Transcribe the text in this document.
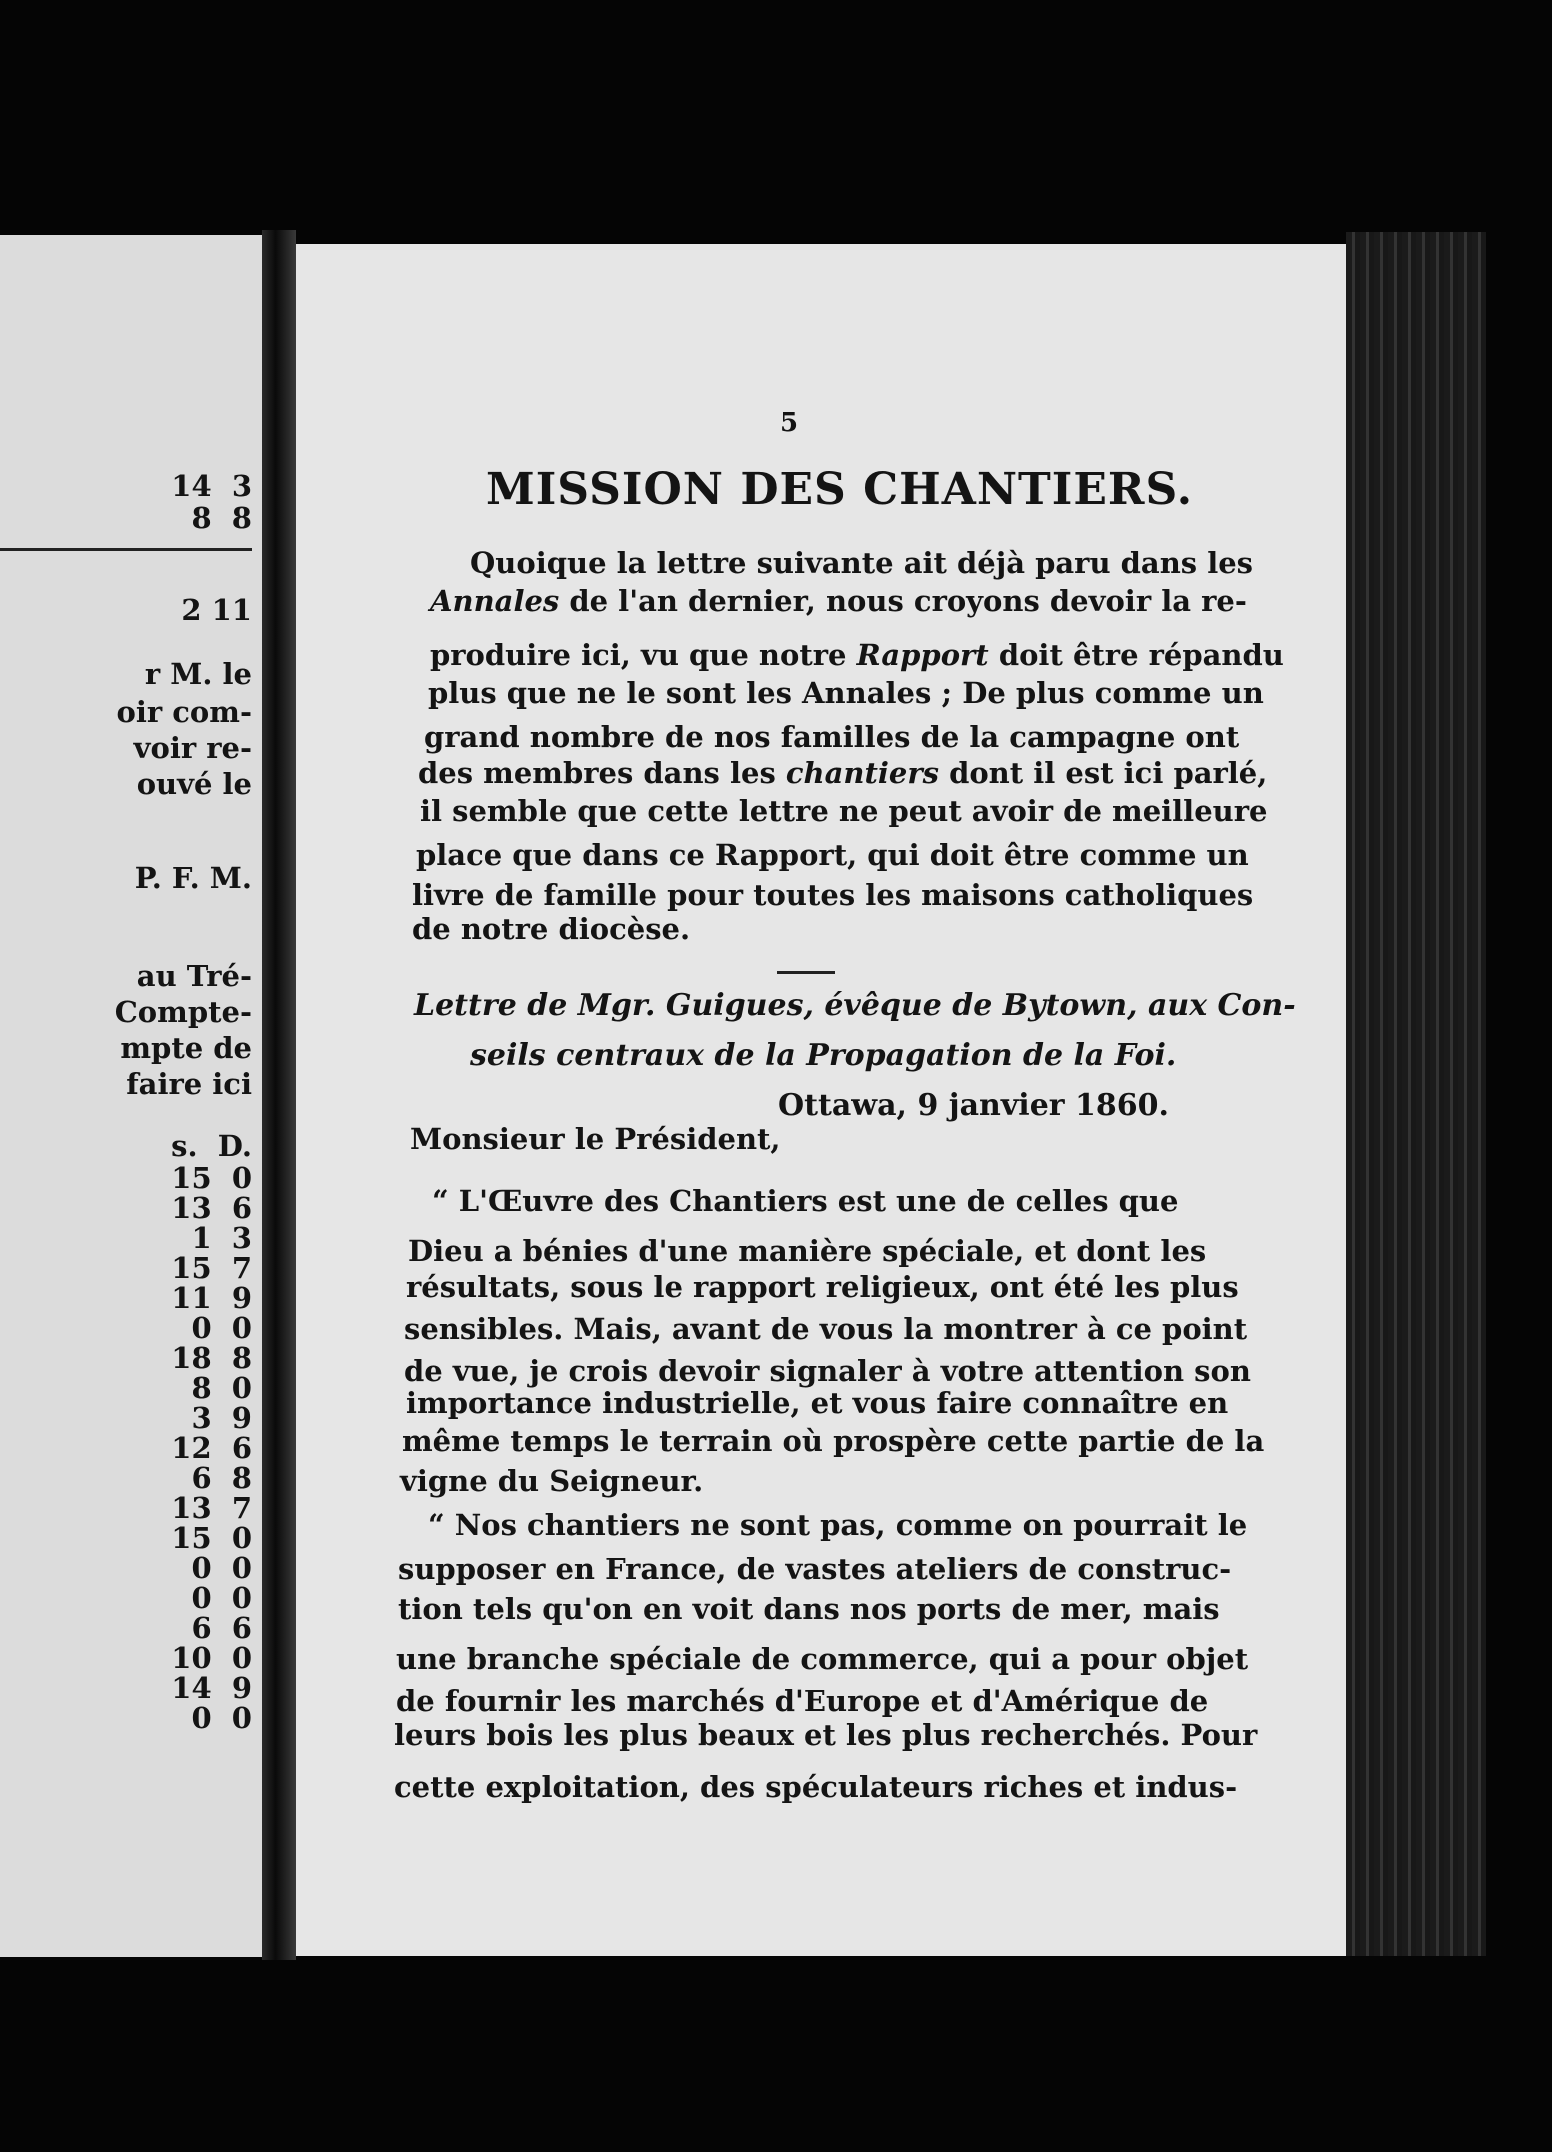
14  3
8  8
2 11
r M. le
oir com-
voir re-
ouvé le
P. F. M.
au Tré-
Compte-
mpte de
faire ici
s.  D.
15  0
13  6
1  3
15  7
11  9
0  0
18  8
8  0
3  9
12  6
6  8
13  7
15  0
0  0
0  0
6  6
10  0
14  9
0  0
5
MISSION DES CHANTIERS.
Quoique la lettre suivante ait déjà paru dans les
Annales de l'an dernier, nous croyons devoir la re-
produire ici, vu que notre Rapport doit être répandu
plus que ne le sont les Annales ; De plus comme un
grand nombre de nos familles de la campagne ont
des membres dans les chantiers dont il est ici parlé,
il semble que cette lettre ne peut avoir de meilleure
place que dans ce Rapport, qui doit être comme un
livre de famille pour toutes les maisons catholiques
de notre diocèse.
Lettre de Mgr. Guigues, évêque de Bytown, aux Con-
seils centraux de la Propagation de la Foi.
Ottawa, 9 janvier 1860.
Monsieur le Président,
“ L'Œuvre des Chantiers est une de celles que
Dieu a bénies d'une manière spéciale, et dont les
résultats, sous le rapport religieux, ont été les plus
sensibles. Mais, avant de vous la montrer à ce point
de vue, je crois devoir signaler à votre attention son
importance industrielle, et vous faire connaître en
même temps le terrain où prospère cette partie de la
vigne du Seigneur.
“ Nos chantiers ne sont pas, comme on pourrait le
supposer en France, de vastes ateliers de construc-
tion tels qu'on en voit dans nos ports de mer, mais
une branche spéciale de commerce, qui a pour objet
de fournir les marchés d'Europe et d'Amérique de
leurs bois les plus beaux et les plus recherchés. Pour
cette exploitation, des spéculateurs riches et indus-
